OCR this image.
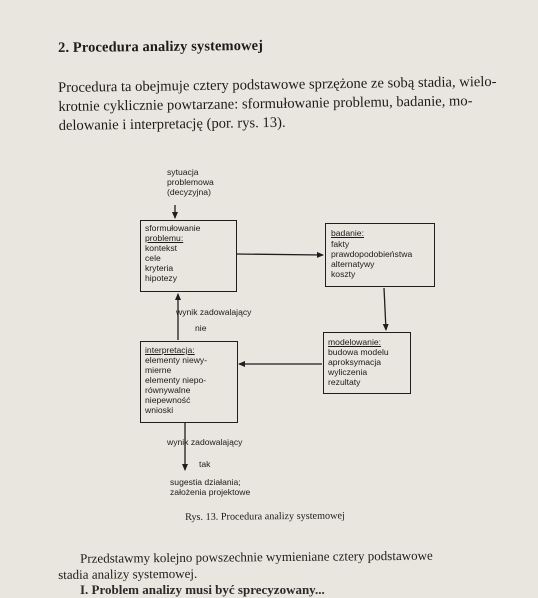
2. Procedura analizy systemowej
Procedura ta obejmuje cztery podstawowe sprzężone ze sobą stadia, wielo-
krotnie cyklicznie powtarzane: sformułowanie problemu, badanie, mo-
delowanie i interpretację (por. rys. 13).
sytuacja
problemowa
(decyzyjna)
sformułowanie
problemu:
kontekst
cele
kryteria
hipotezy
badanie:
fakty
prawdopodobieństwa
alternatywy
koszty
modelowanie:
budowa modelu
aproksymacja
wyliczenia
rezultaty
interpretacja:
elementy niewy-
mierne
elementy niepo-
równywalne
niepewność
wnioski
wynik zadowalający
nie
wynik zadowalający
tak
sugestia działania;
założenia projektowe
Rys. 13. Procedura analizy systemowej
Przedstawmy kolejno powszechnie wymieniane cztery podstawowe
stadia analizy systemowej.
I. Problem analizy musi być sprecyzowany...
